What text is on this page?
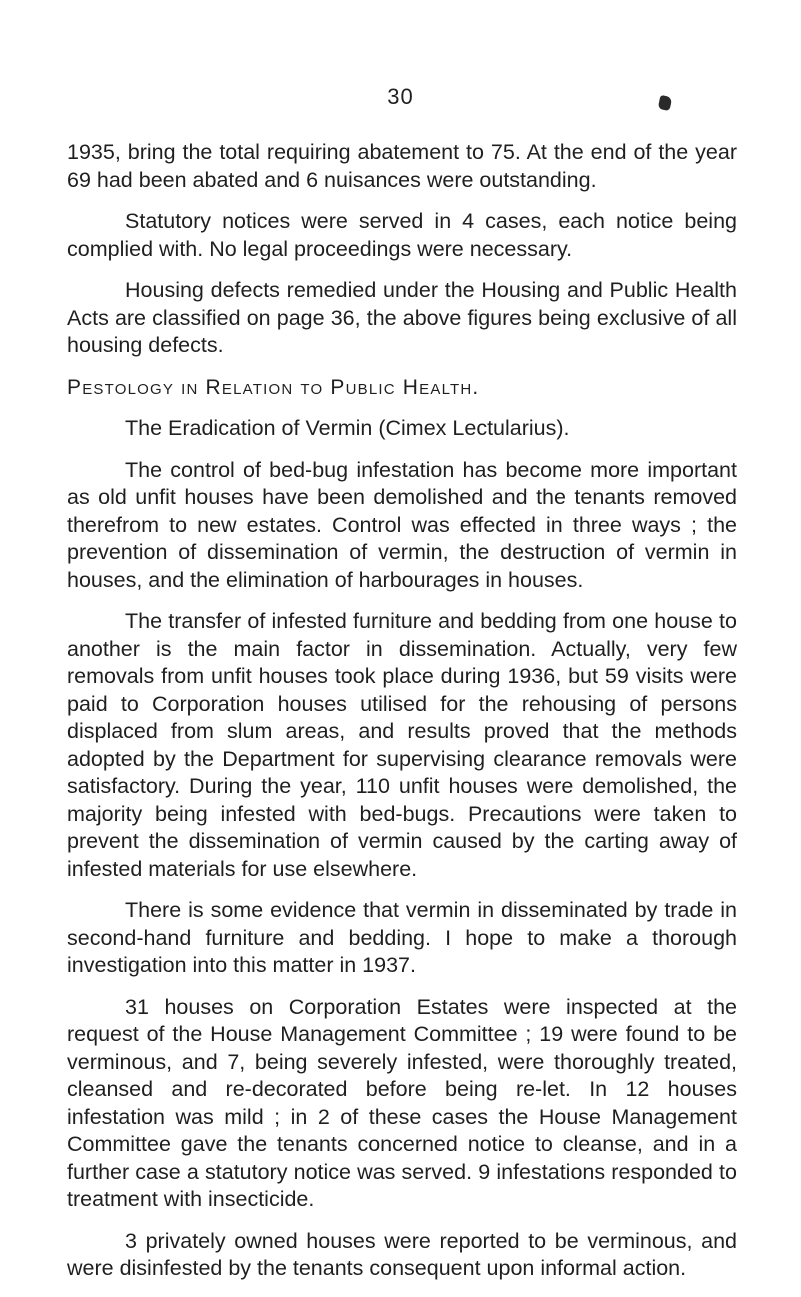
30

1935, bring the total requiring abatement to 75. At the end of the year 69 had been abated and 6 nuisances were outstanding.

Statutory notices were served in 4 cases, each notice being complied with. No legal proceedings were necessary.

Housing defects remedied under the Housing and Public Health Acts are classified on page 36, the above figures being exclusive of all housing defects.

Pestology in Relation to Public Health.
The Eradication of Vermin (Cimex Lectularius).

The control of bed-bug infestation has become more important as old unfit houses have been demolished and the tenants removed therefrom to new estates. Control was effected in three ways ; the prevention of dissemination of vermin, the destruction of vermin in houses, and the elimination of harbourages in houses.

The transfer of infested furniture and bedding from one house to another is the main factor in dissemination. Actually, very few removals from unfit houses took place during 1936, but 59 visits were paid to Corporation houses utilised for the rehousing of persons displaced from slum areas, and results proved that the methods adopted by the Department for supervising clearance removals were satisfactory. During the year, 110 unfit houses were demolished, the majority being infested with bed-bugs. Precautions were taken to prevent the dissemination of vermin caused by the carting away of infested materials for use elsewhere.

There is some evidence that vermin in disseminated by trade in second-hand furniture and bedding. I hope to make a thorough investigation into this matter in 1937.

31 houses on Corporation Estates were inspected at the request of the House Management Committee ; 19 were found to be verminous, and 7, being severely infested, were thoroughly treated, cleansed and re-decorated before being re-let. In 12 houses infestation was mild ; in 2 of these cases the House Management Committee gave the tenants concerned notice to cleanse, and in a further case a statutory notice was served. 9 infestations responded to treatment with insecticide.

3 privately owned houses were reported to be verminous, and were disinfested by the tenants consequent upon informal action.
